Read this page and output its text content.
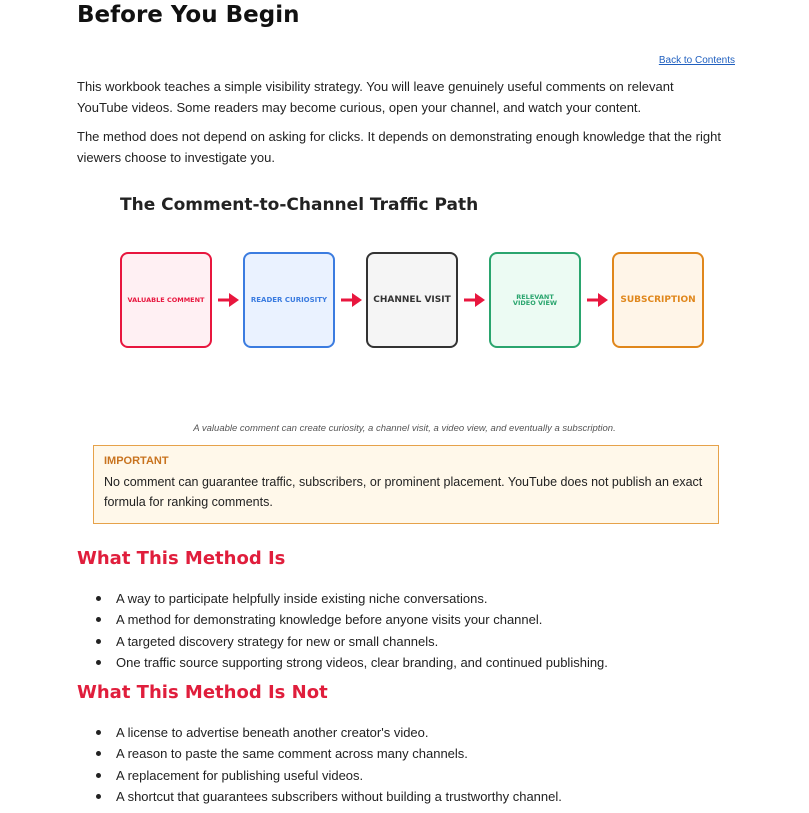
Before You Begin
Back to Contents

This workbook teaches a simple visibility strategy. You will leave genuinely useful comments on relevant YouTube videos. Some readers may become curious, open your channel, and watch your content.

The method does not depend on asking for clicks. It depends on demonstrating enough knowledge that the right viewers choose to investigate you.

The Comment-to-Channel Traffic Path

VALUABLE COMMENT	READER CURIOSITY	CHANNEL VISIT	RELEVANT VIDEO VIEW	SUBSCRIPTION
A valuable comment can create curiosity, a channel visit, a video view, and eventually a subscription.

IMPORTANT

No comment can guarantee traffic, subscribers, or prominent placement. YouTube does not publish an exact formula for ranking comments.

What This Method Is
A way to participate helpfully inside existing niche conversations.
A method for demonstrating knowledge before anyone visits your channel.
A targeted discovery strategy for new or small channels.
One traffic source supporting strong videos, clear branding, and continued publishing.
What This Method Is Not
A license to advertise beneath another creator's video.
A reason to paste the same comment across many channels.
A replacement for publishing useful videos.
A shortcut that guarantees subscribers without building a trustworthy channel.
